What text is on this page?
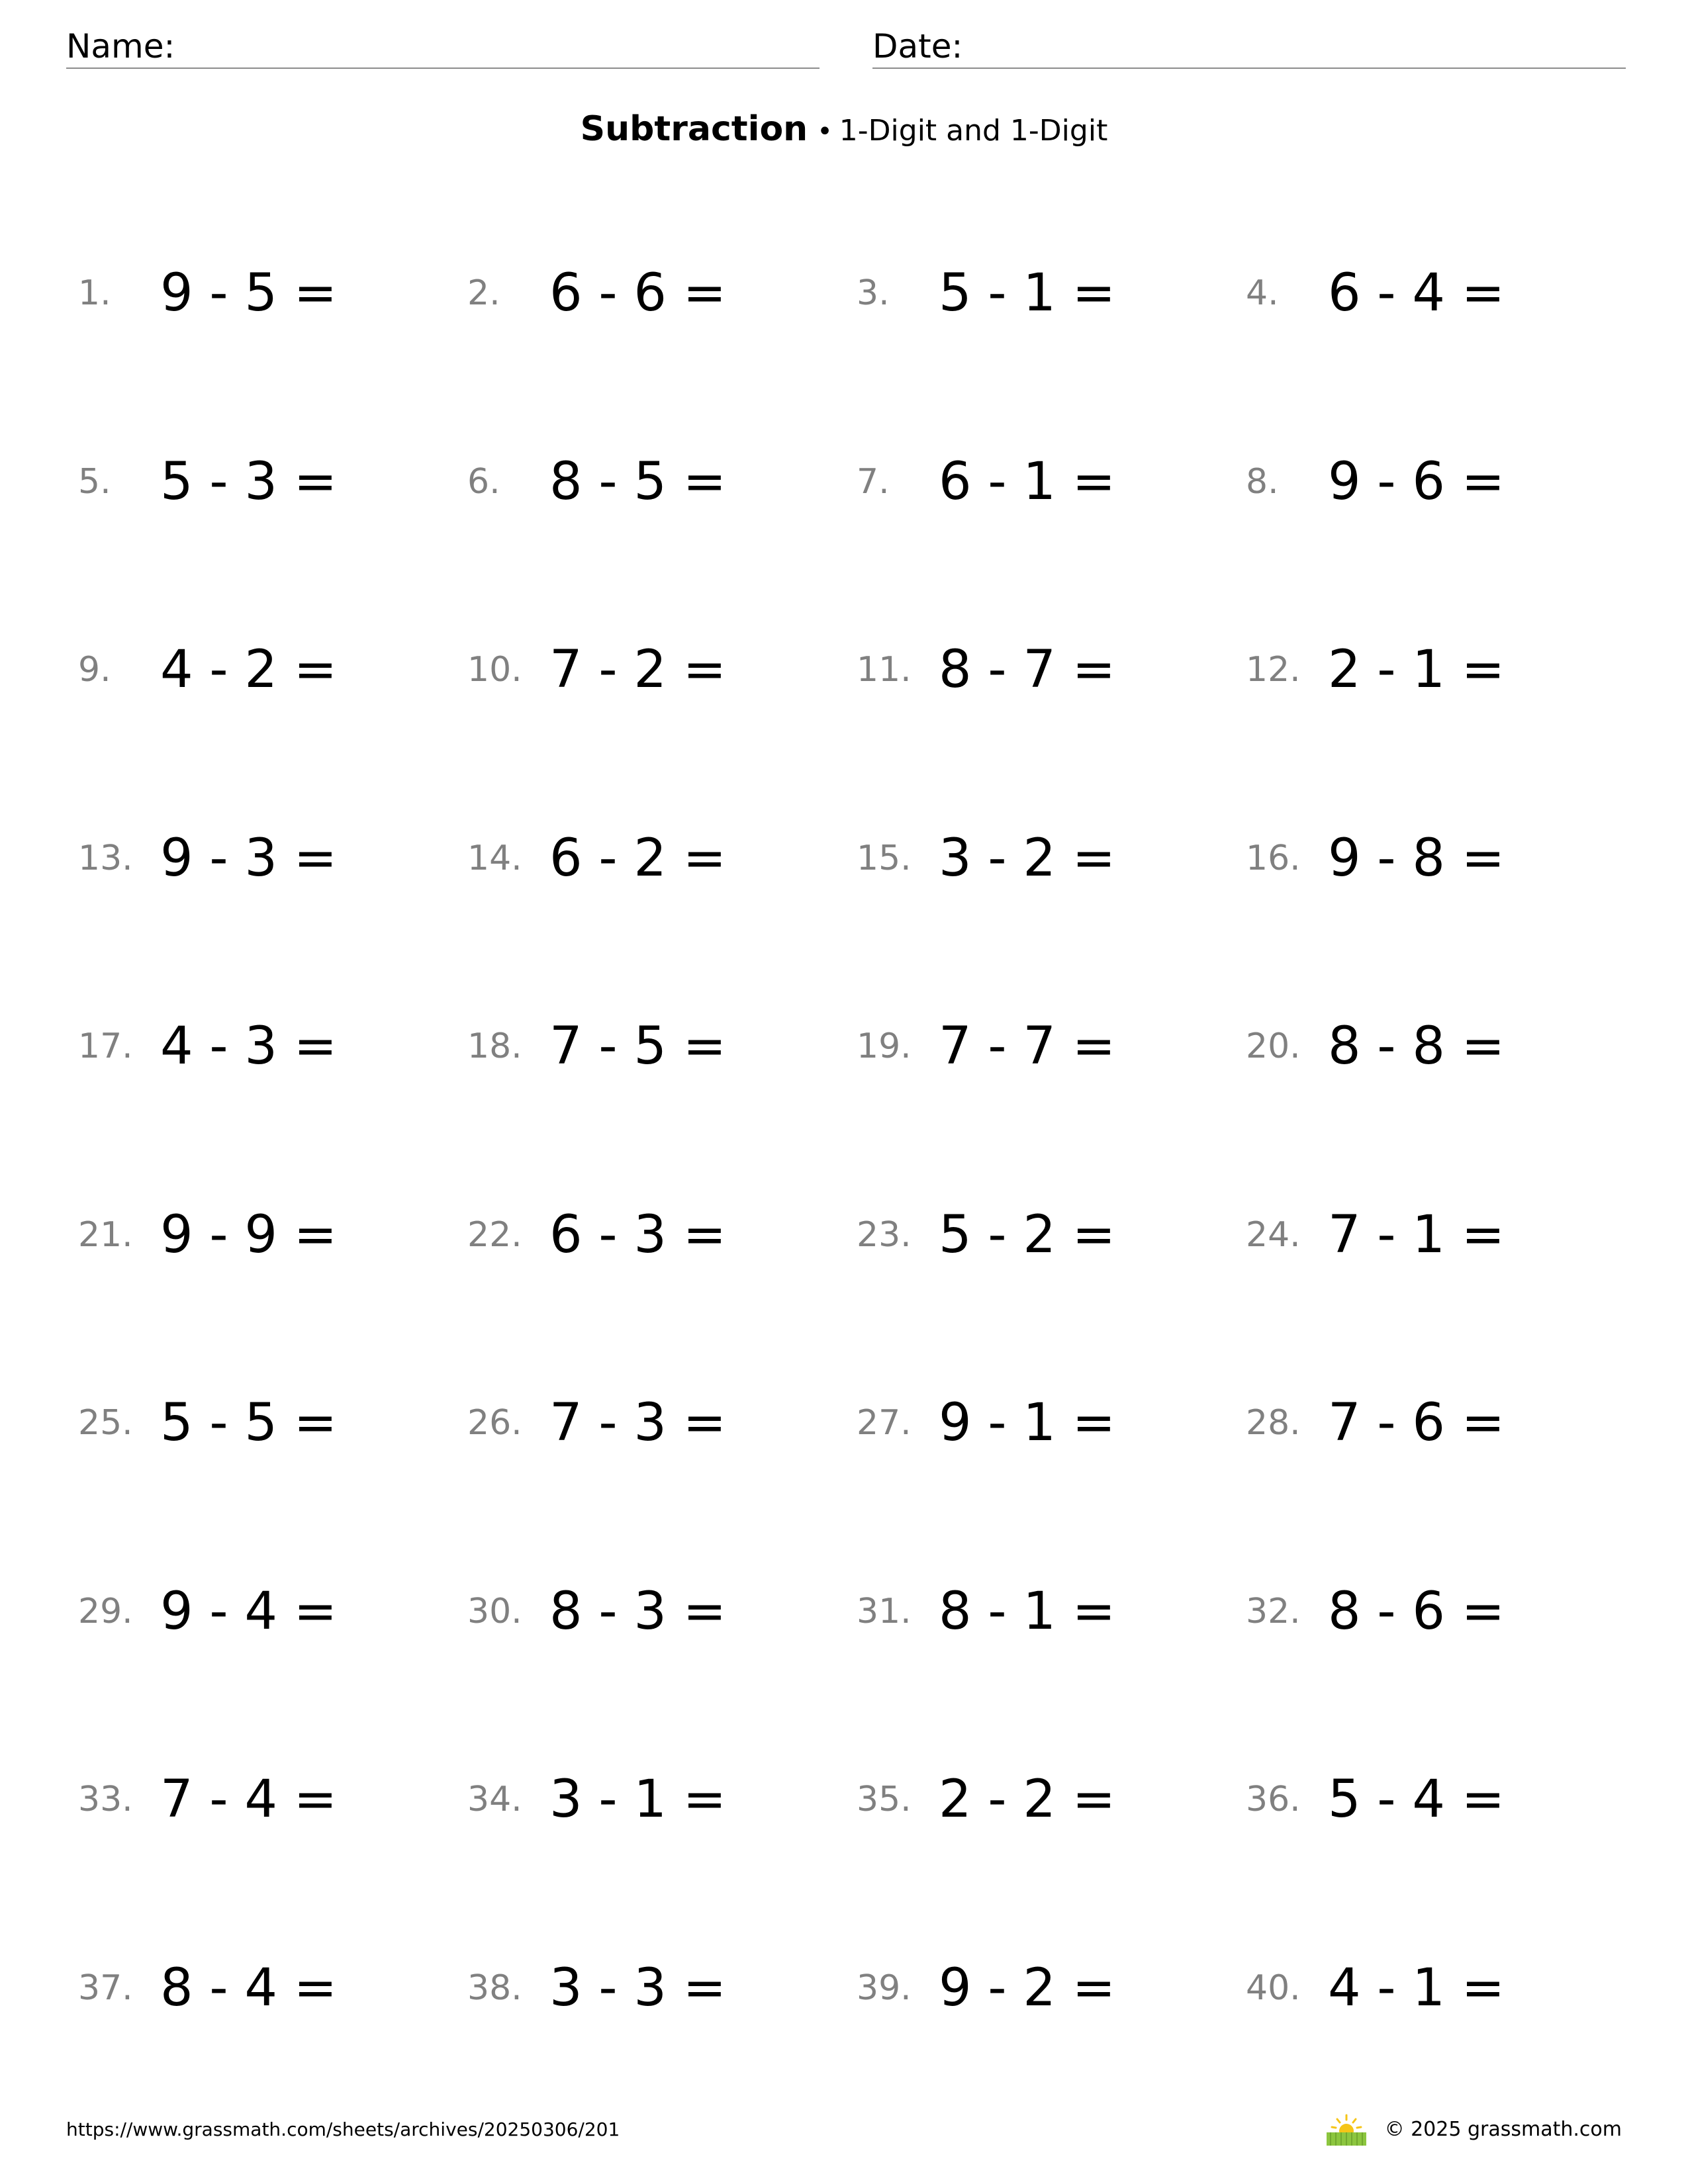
Name:	Date:
Subtraction • 1-Digit and 1-Digit
1. 9 - 5 =	2. 6 - 6 =	3. 5 - 1 =	4. 6 - 4 =
5. 5 - 3 =	6. 8 - 5 =	7. 6 - 1 =	8. 9 - 6 =
9. 4 - 2 =	10. 7 - 2 =	11. 8 - 7 =	12. 2 - 1 =
13. 9 - 3 =	14. 6 - 2 =	15. 3 - 2 =	16. 9 - 8 =
17. 4 - 3 =	18. 7 - 5 =	19. 7 - 7 =	20. 8 - 8 =
21. 9 - 9 =	22. 6 - 3 =	23. 5 - 2 =	24. 7 - 1 =
25. 5 - 5 =	26. 7 - 3 =	27. 9 - 1 =	28. 7 - 6 =
29. 9 - 4 =	30. 8 - 3 =	31. 8 - 1 =	32. 8 - 6 =
33. 7 - 4 =	34. 3 - 1 =	35. 2 - 2 =	36. 5 - 4 =
37. 8 - 4 =	38. 3 - 3 =	39. 9 - 2 =	40. 4 - 1 =
https://www.grassmath.com/sheets/archives/20250306/201	© 2025 grassmath.com
